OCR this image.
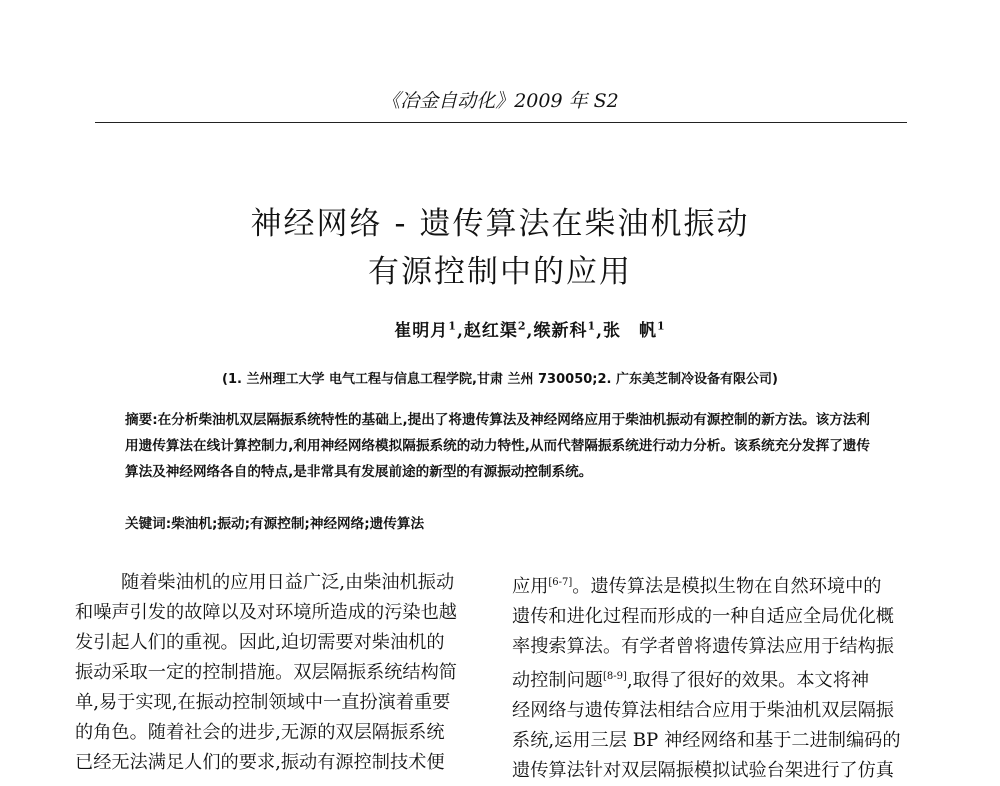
《冶金自动化》2009 年 S2
神经网络 - 遗传算法在柴油机振动
有源控制中的应用
崔明月$^1$,赵红渠$^2$,缑新科$^1$,张　帆$^1$
(1. 兰州理工大学 电气工程与信息工程学院,甘肃 兰州 730050;2. 广东美芝制冷设备有限公司)
摘要:在分析柴油机双层隔振系统特性的基础上,提出了将遗传算法及神经网络应用于柴油机振动有源控制的新方法。该方法利用遗传算法在线计算控制力,利用神经网络模拟隔振系统的动力特性,从而代替隔振系统进行动力分析。该系统充分发挥了遗传算法及神经网络各自的特点,是非常具有发展前途的新型的有源振动控制系统。
关键词:柴油机;振动;有源控制;神经网络;遗传算法
随着柴油机的应用日益广泛,由柴油机振动
和噪声引发的故障以及对环境所造成的污染也越
发引起人们的重视。因此,迫切需要对柴油机的
振动采取一定的控制措施。双层隔振系统结构简
单,易于实现,在振动控制领域中一直扮演着重要
的角色。随着社会的进步,无源的双层隔振系统
已经无法满足人们的要求,振动有源控制技术便
应用[6-7]。遗传算法是模拟生物在自然环境中的
遗传和进化过程而形成的一种自适应全局优化概
率搜索算法。有学者曾将遗传算法应用于结构振
动控制问题[8-9],取得了很好的效果。本文将神
经网络与遗传算法相结合应用于柴油机双层隔振
系统,运用三层 BP 神经网络和基于二进制编码的
遗传算法针对双层隔振模拟试验台架进行了仿真
